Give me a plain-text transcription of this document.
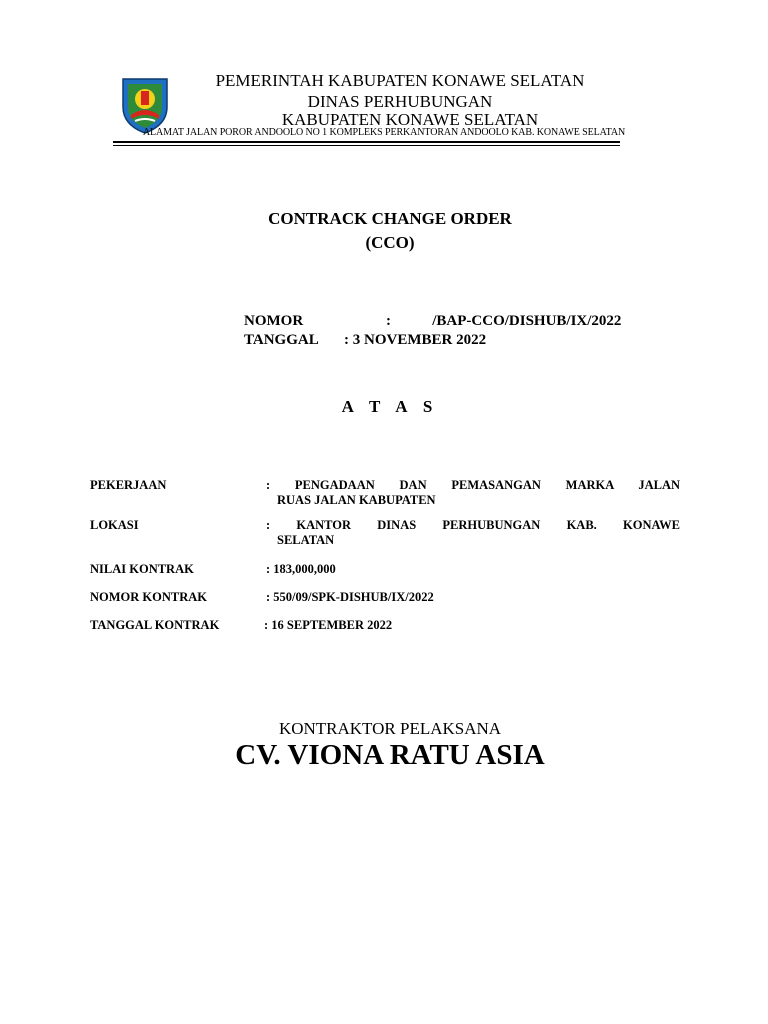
PEMERINTAH KABUPATEN KONAWE SELATAN
DINAS PERHUBUNGAN
KABUPATEN KONAWE SELATAN
ALAMAT JALAN POROR ANDOOLO NO 1 KOMPLEKS PERKANTORAN ANDOOLO KAB. KONAWE SELATAN
CONTRACK CHANGE ORDER
(CCO)
NOMOR	:           /BAP-CCO/DISHUB/IX/2022
TANGGAL : 3 NOVEMBER 2022
A T A S
PEKERJAAN	: PENGADAAN DAN PEMASANGAN MARKA JALAN
RUAS JALAN KABUPATEN
LOKASI	: KANTOR DINAS PERHUBUNGAN KAB. KONAWE
SELATAN
NILAI KONTRAK	: 183,000,000
NOMOR KONTRAK	: 550/09/SPK-DISHUB/IX/2022
TANGGAL KONTRAK	: 16 SEPTEMBER 2022
KONTRAKTOR PELAKSANA
CV. VIONA RATU ASIA
